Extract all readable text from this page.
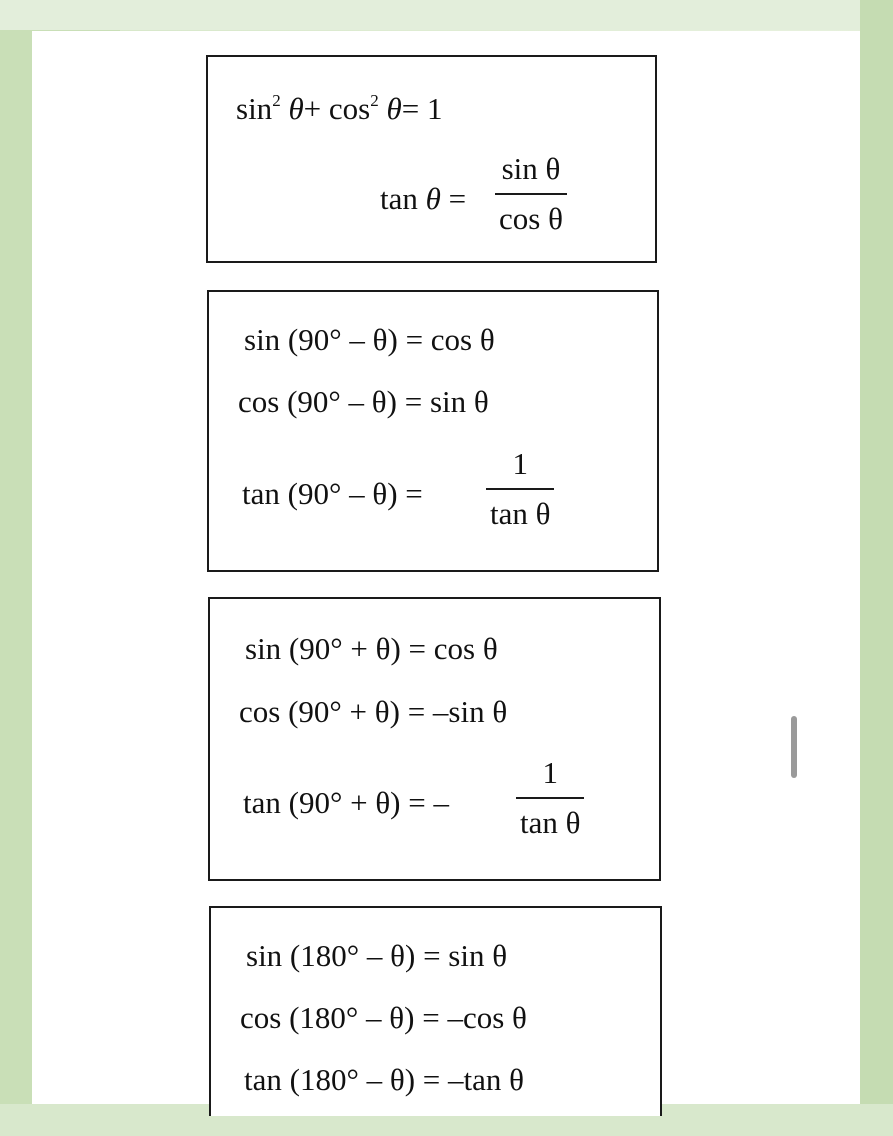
$\sin^2 \theta+ \cos^2 \theta= 1$
tan θ =
sin θ
cos θ
sin (90° – θ) = cos θ
cos (90° – θ) = sin θ
tan (90° – θ) =
1
tan θ
sin (90° + θ) = cos θ
cos (90° + θ) = –sin θ
tan (90° + θ) = –
1
tan θ
sin (180° – θ) = sin θ
cos (180° – θ) = –cos θ
tan (180° – θ) = –tan θ
